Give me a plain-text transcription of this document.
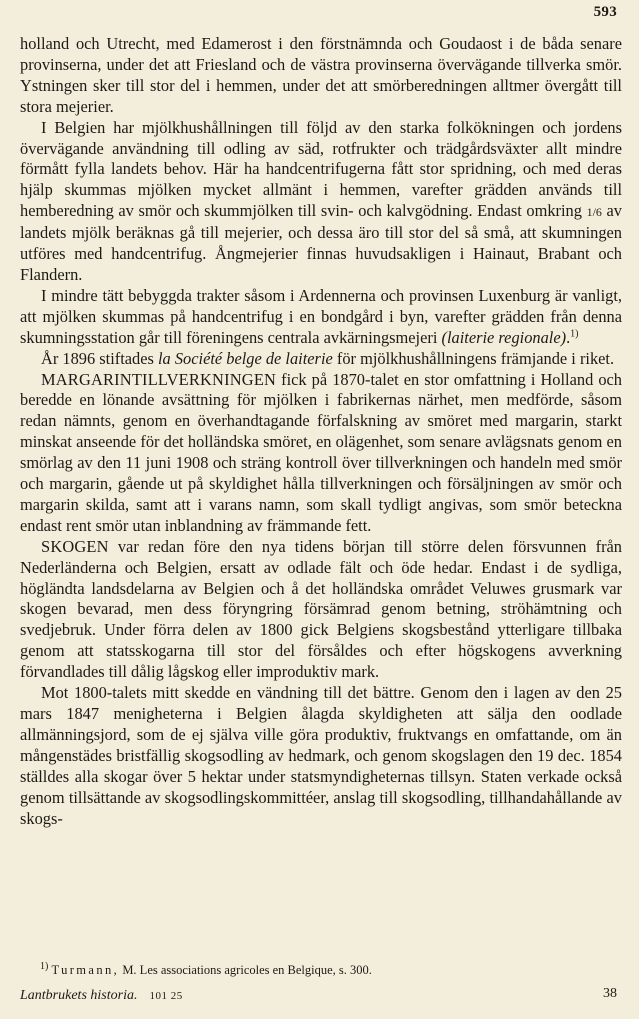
593

holland och Utrecht, med Edamerost i den förstnämnda och Goudaost i de båda senare provinserna, under det att Friesland och de västra provinserna övervägande tillverka smör. Ystningen sker till stor del i hemmen, under det att smörberedningen alltmer övergått till stora mejerier.

I Belgien har mjölkhushållningen till följd av den starka folkökningen och jordens övervägande användning till odling av säd, rotfrukter och trädgårdsväxter allt mindre förmått fylla landets behov. Här ha handcentrifugerna fått stor spridning, och med deras hjälp skummas mjölken mycket allmänt i hemmen, varefter grädden används till hemberedning av smör och skummjölken till svin- och kalvgödning. Endast omkring 1/6 av landets mjölk beräknas gå till mejerier, och dessa äro till stor del så små, att skumningen utföres med handcentrifug. Ångmejerier finnas huvudsakligen i Hainaut, Brabant och Flandern.

I mindre tätt bebyggda trakter såsom i Ardennerna och provinsen Luxenburg är vanligt, att mjölken skummas på handcentrifug i en bondgård i byn, varefter grädden från denna skumningsstation går till föreningens centrala avkärningsmejeri (laiterie regionale).$^{1)}$

År 1896 stiftades la Société belge de laiterie för mjölkhushållningens främjande i riket.

MARGARINTILLVERKNINGEN fick på 1870-talet en stor omfattning i Holland och beredde en lönande avsättning för mjölken i fabrikernas närhet, men medförde, såsom redan nämnts, genom en överhandtagande förfalskning av smöret med margarin, starkt minskat anseende för det holländska smöret, en olägenhet, som senare avlägsnats genom en smörlag av den 11 juni 1908 och sträng kontroll över tillverkningen och handeln med smör och margarin, gående ut på skyldighet hålla tillverkningen och försäljningen av smör och margarin skilda, samt att i varans namn, som skall tydligt angivas, som smör beteckna endast rent smör utan inblandning av främmande fett.

SKOGEN var redan före den nya tidens början till större delen försvunnen från Nederländerna och Belgien, ersatt av odlade fält och öde hedar. Endast i de sydliga, högländta landsdelarna av Belgien och å det holländska området Veluwes grusmark var skogen bevarad, men dess föryngring försämrad genom betning, ströhämtning och svedjebruk. Under förra delen av 1800 gick Belgiens skogsbestånd ytterligare tillbaka genom att statsskogarna till stor del försåldes och efter högskogens avverkning förvandlades till dålig lågskog eller improduktiv mark.

Mot 1800-talets mitt skedde en vändning till det bättre. Genom den i lagen av den 25 mars 1847 menigheterna i Belgien ålagda skyldigheten att sälja den oodlade allmänningsjord, som de ej själva ville göra produktiv, fruktvangs en omfattande, om än mångenstädes bristfällig skogsodling av hedmark, och genom skogslagen den 19 dec. 1854 ställdes alla skogar över 5 hektar under statsmyndigheternas tillsyn. Staten verkade också genom tillsättande av skogsodlingskommittéer, anslag till skogsodling, tillhandahållande av skogs-

$^{1)}$ Turmann, M. Les associations agricoles en Belgique, s. 300.
Lantbrukets historia. 101 25	38
